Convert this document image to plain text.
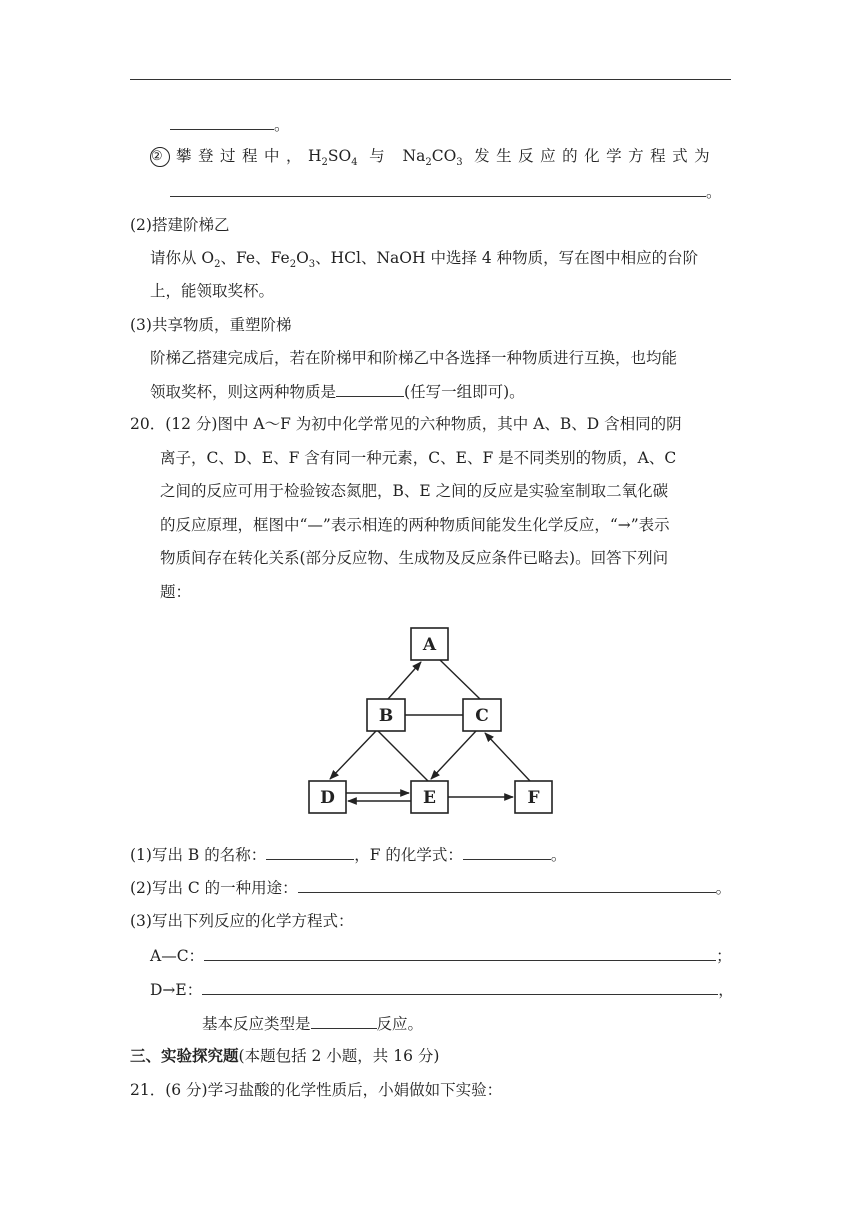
。
② 攀登过程中，$H_2SO_4$ 与 $Na_2CO_3$ 发生反应的化学方程式为
。
(2)搭建阶梯乙
请你从 $O_2$、Fe、$Fe_2O_3$、HCl、NaOH 中选择 4 种物质，写在图中相应的台阶
上，能领取奖杯。
(3)共享物质，重塑阶梯
阶梯乙搭建完成后，若在阶梯甲和阶梯乙中各选择一种物质进行互换，也均能
领取奖杯，则这两种物质是	(任写一组即可)。
20．(12 分)图中 A～F 为初中化学常见的六种物质，其中 A、B、D 含相同的阴
离子，C、D、E、F 含有同一种元素，C、E、F 是不同类别的物质，A、C
之间的反应可用于检验铵态氮肥，B、E 之间的反应是实验室制取二氧化碳
的反应原理，框图中“—”表示相连的两种物质间能发生化学反应，“→”表示
物质间存在转化关系(部分反应物、生成物及反应条件已略去)。回答下列问
题：
A
B	C
D	E	F
(1)写出 B 的名称：	，F 的化学式：	。
(2)写出 C 的一种用途：	。
(3)写出下列反应的化学方程式：
A—C：	；
D→E：	，
基本反应类型是	反应。
三、实验探究题(本题包括 2 小题，共 16 分)
21．(6 分)学习盐酸的化学性质后，小娟做如下实验：
